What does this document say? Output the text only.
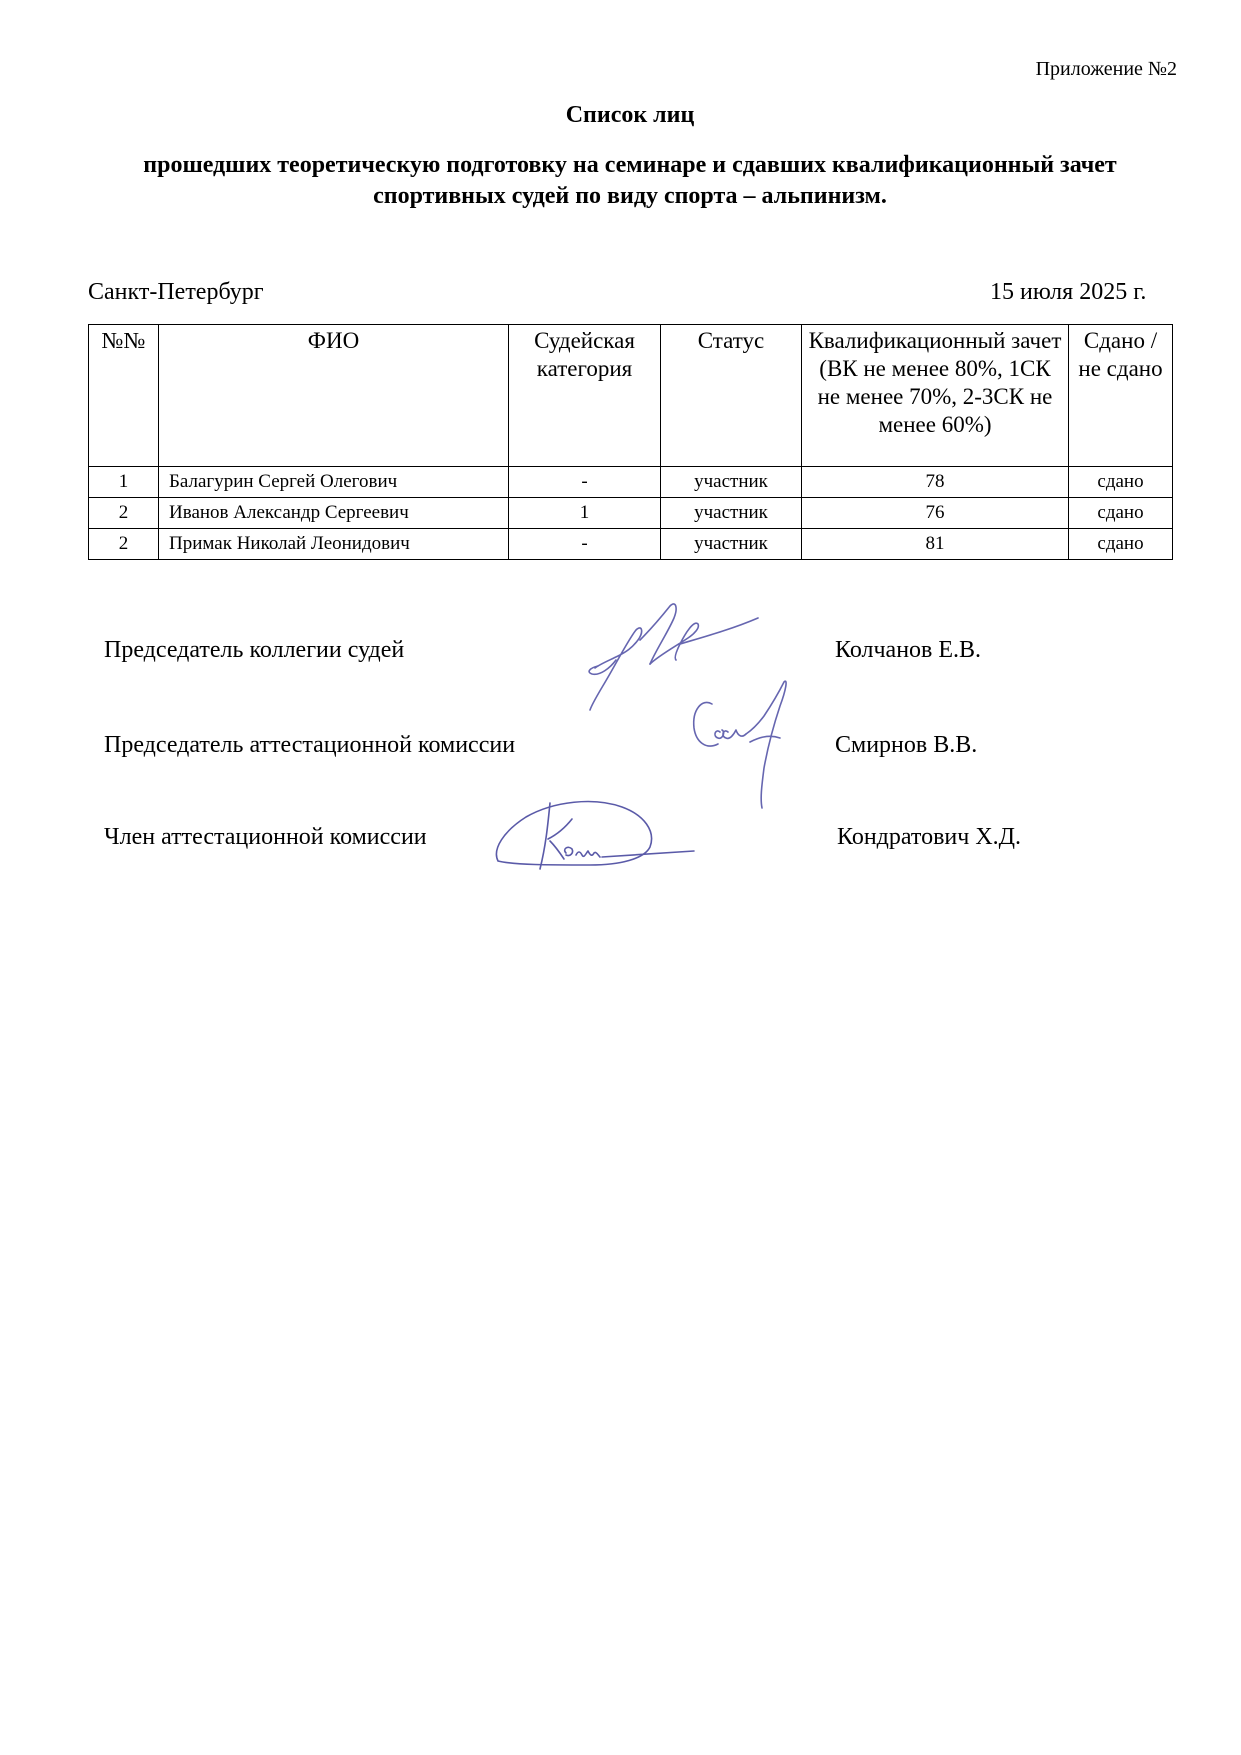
Приложение №2
Список лиц
прошедших теоретическую подготовку на семинаре и сдавших квалификационный зачет спортивных судей по виду спорта – альпинизм.
Санкт-Петербург	15 июля 2025 г.
№№	ФИО	Судейская категория	Статус	Квалификационный зачет (ВК не менее 80%, 1СК не менее 70%, 2-3СК не менее 60%)	Сдано / не сдано
1	Балагурин Сергей Олегович	-	участник	78	сдано
2	Иванов Александр Сергеевич	1	участник	76	сдано
2	Примак Николай Леонидович	-	участник	81	сдано
Председатель коллегии судей	Колчанов Е.В.
Председатель аттестационной комиссии	Смирнов В.В.
Член аттестационной комиссии	Кондратович Х.Д.
